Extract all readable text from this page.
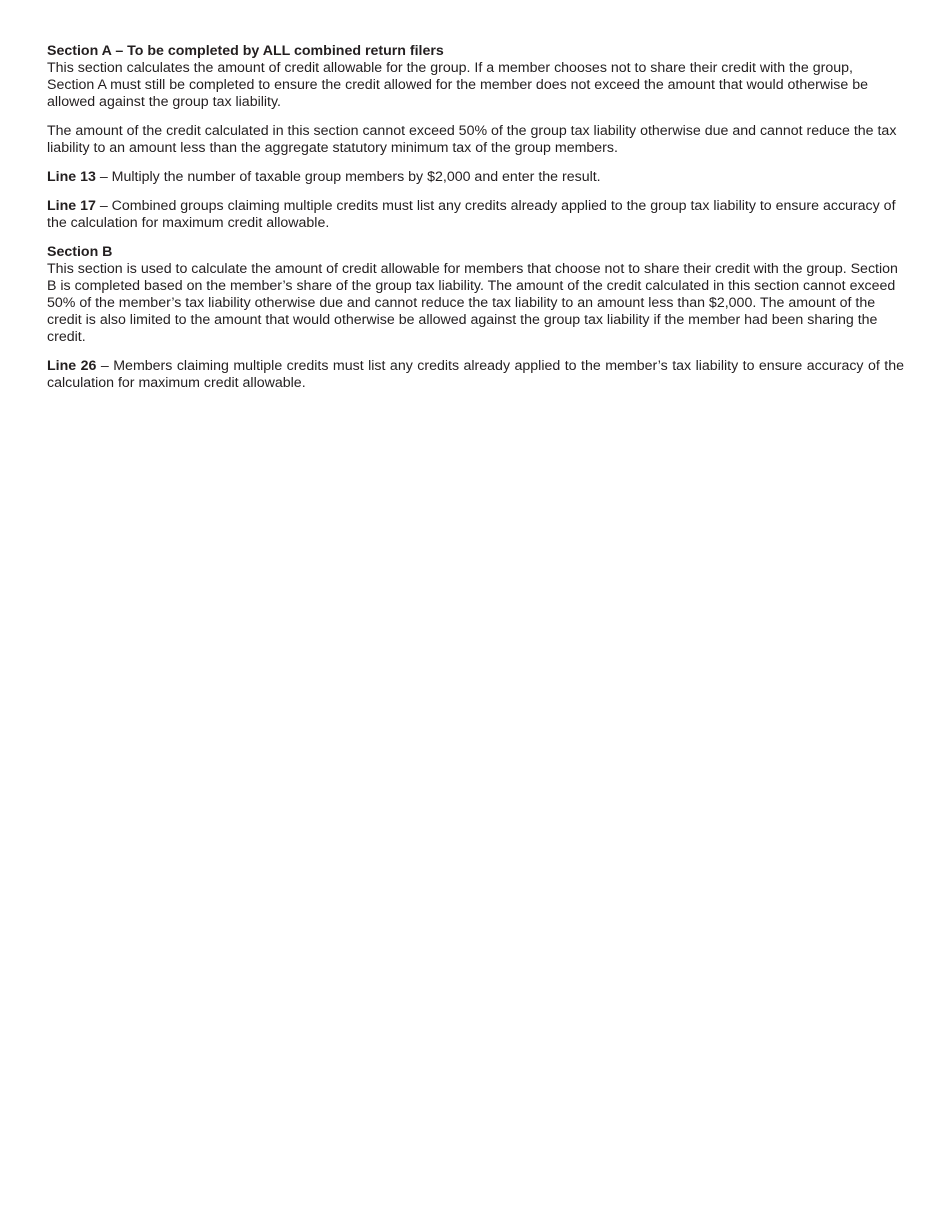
Section A – To be completed by ALL combined return filers

This section calculates the amount of credit allowable for the group. If a member chooses not to share their credit with the group, Section A must still be completed to ensure the credit allowed for the member does not exceed the amount that would otherwise be allowed against the group tax liability.

The amount of the credit calculated in this section cannot exceed 50% of the group tax liability otherwise due and cannot reduce the tax liability to an amount less than the aggregate statutory minimum tax of the group members.

Line 13 – Multiply the number of taxable group members by $2,000 and enter the result.

Line 17 – Combined groups claiming multiple credits must list any credits already applied to the group tax liability to ensure accuracy of the calculation for maximum credit allowable.

Section B

This section is used to calculate the amount of credit allowable for members that choose not to share their credit with the group. Section B is completed based on the member’s share of the group tax liability. The amount of the credit calculated in this section cannot exceed 50% of the member’s tax liability otherwise due and cannot reduce the tax liability to an amount less than $2,000. The amount of the credit is also limited to the amount that would otherwise be allowed against the group tax liability if the member had been sharing the credit.

Line 26 – Members claiming multiple credits must list any credits already applied to the member’s tax liability to ensure accuracy of the calculation for maximum credit allowable.
